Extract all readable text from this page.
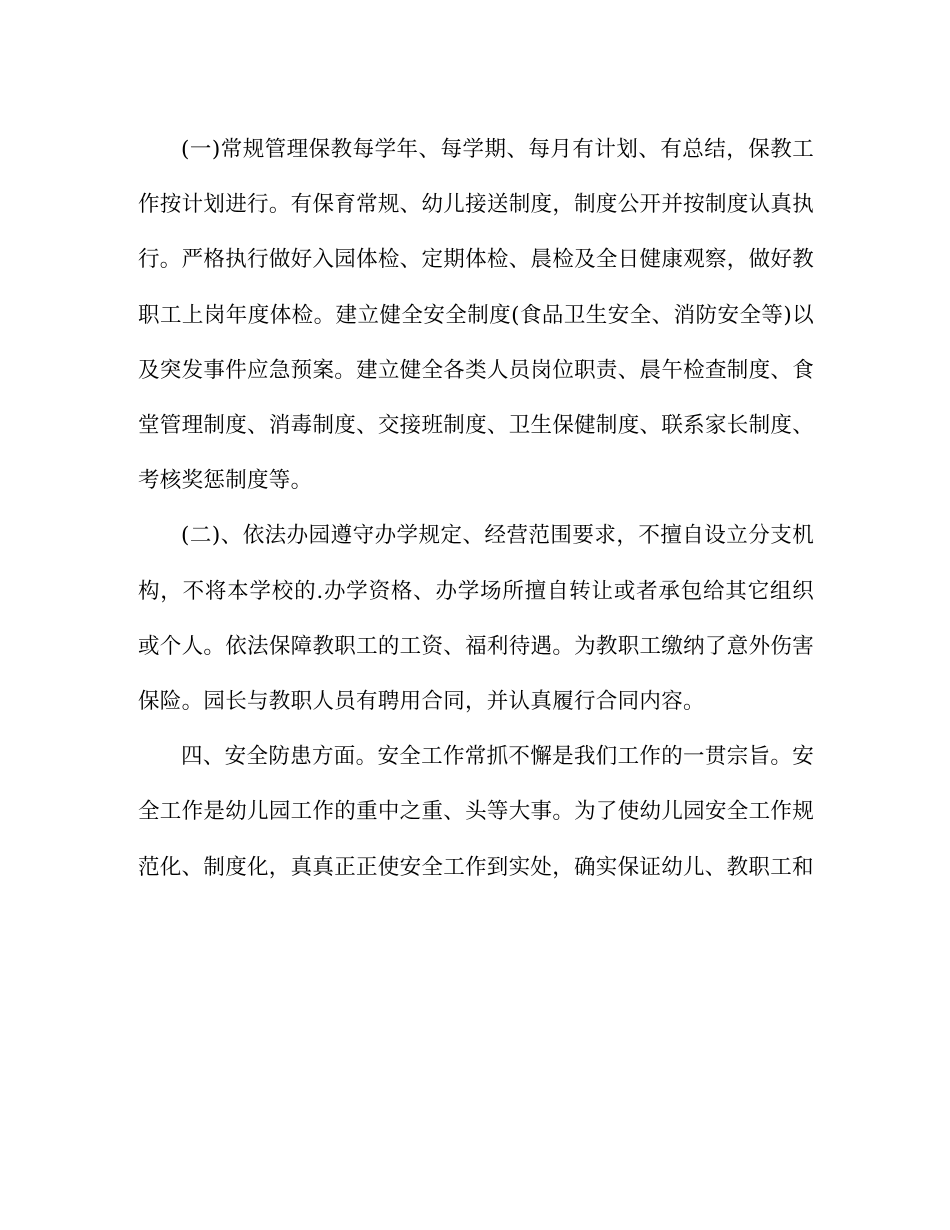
(一)常规管理保教每学年、每学期、每月有计划、有总结，保教工作按计划进行。有保育常规、幼儿接送制度，制度公开并按制度认真执行。严格执行做好入园体检、定期体检、晨检及全日健康观察，做好教职工上岗年度体检。建立健全安全制度(食品卫生安全、消防安全等)以及突发事件应急预案。建立健全各类人员岗位职责、晨午检查制度、食堂管理制度、消毒制度、交接班制度、卫生保健制度、联系家长制度、考核奖惩制度等。

(二)、依法办园遵守办学规定、经营范围要求，不擅自设立分支机构，不将本学校的.办学资格、办学场所擅自转让或者承包给其它组织或个人。依法保障教职工的工资、福利待遇。为教职工缴纳了意外伤害保险。园长与教职人员有聘用合同，并认真履行合同内容。

四、安全防患方面。安全工作常抓不懈是我们工作的一贯宗旨。安全工作是幼儿园工作的重中之重、头等大事。为了使幼儿园安全工作规范化、制度化，真真正正使安全工作到实处，确实保证幼儿、教职工和
